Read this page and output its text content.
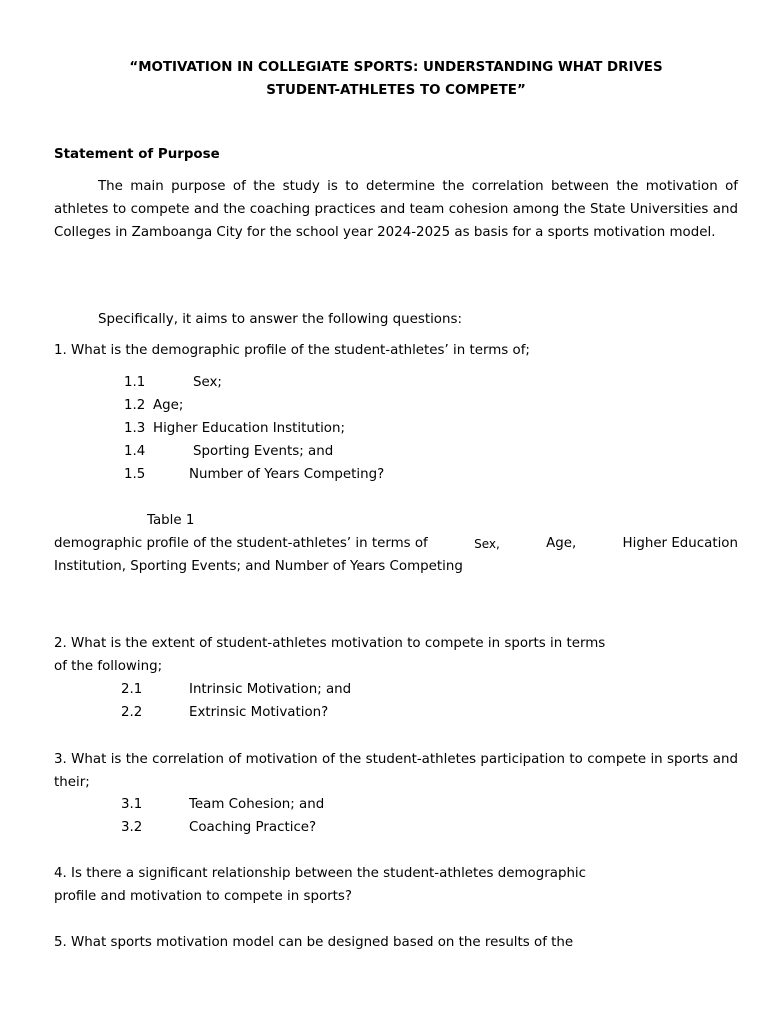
“MOTIVATION IN COLLEGIATE SPORTS: UNDERSTANDING WHAT DRIVES
STUDENT-ATHLETES TO COMPETE”
Statement of Purpose
The main purpose of the study is to determine the correlation between the motivation of athletes to compete and the coaching practices and team cohesion among the State Universities and Colleges in Zamboanga City for the school year 2024-2025 as basis for a sports motivation model.
Specifically, it aims to answer the following questions:
1. What is the demographic profile of the student-athletes’ in terms of;
1.1	Sex;
1.2 Age;
1.3 Higher Education Institution;
1.4	Sporting Events; and
1.5	Number of Years Competing?
Table 1
demographic profile of the student-athletes’ in terms of	Sex,	Age,	Higher Education
Institution, Sporting Events; and Number of Years Competing
2. What is the extent of student-athletes motivation to compete in sports in terms
of the following;
2.1	Intrinsic Motivation; and
2.2	Extrinsic Motivation?
3. What is the correlation of motivation of the student-athletes participation to compete in sports and their;
3.1	Team Cohesion; and
3.2	Coaching Practice?
4. Is there a significant relationship between the student-athletes demographic
profile and motivation to compete in sports?
5. What sports motivation model can be designed based on the results of the
